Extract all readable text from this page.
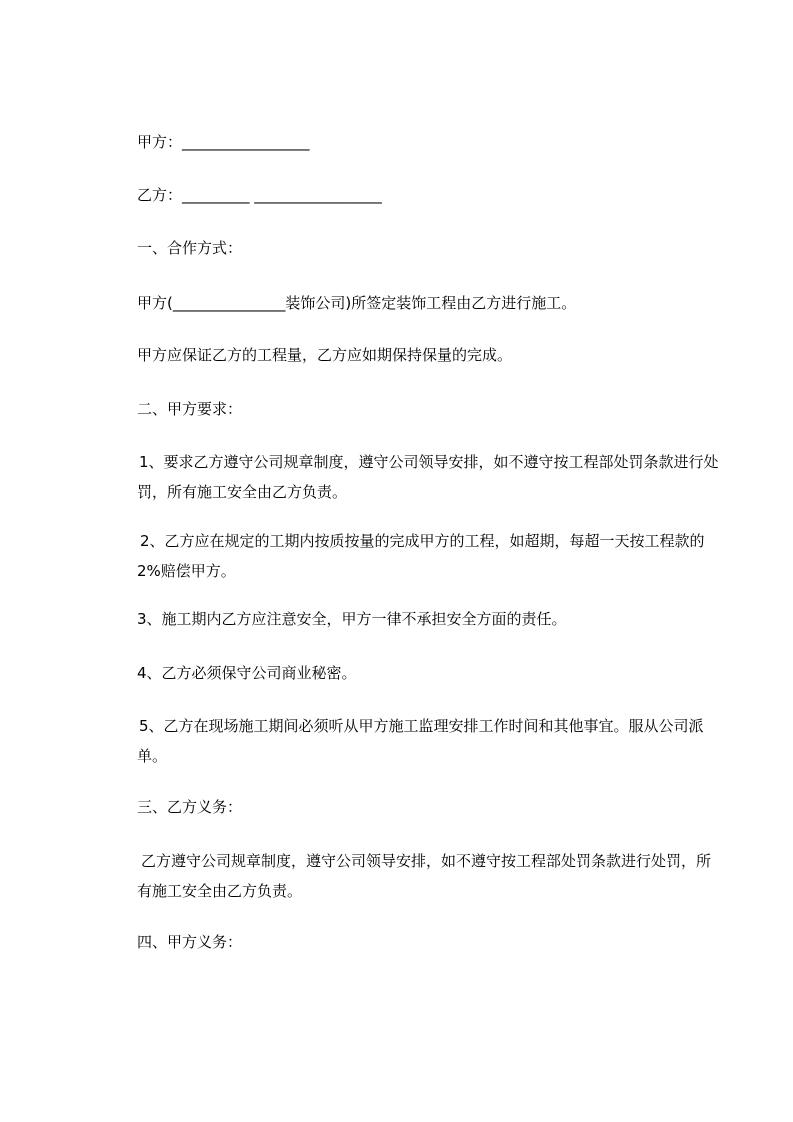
甲方：_________________
乙方：_________ _________________
一、合作方式：
甲方(_______________装饰公司)所签定装饰工程由乙方进行施工。
甲方应保证乙方的工程量，乙方应如期保持保量的完成。
二、甲方要求：
1、要求乙方遵守公司规章制度，遵守公司领导安排，如不遵守按工程部处罚条款进行处罚，所有施工安全由乙方负责。
2、乙方应在规定的工期内按质按量的完成甲方的工程，如超期，每超一天按工程款的 2%赔偿甲方。
3、施工期内乙方应注意安全，甲方一律不承担安全方面的责任。
4、乙方必须保守公司商业秘密。
5、乙方在现场施工期间必须听从甲方施工监理安排工作时间和其他事宜。服从公司派单。
三、乙方义务：
乙方遵守公司规章制度，遵守公司领导安排，如不遵守按工程部处罚条款进行处罚，所有施工安全由乙方负责。
四、甲方义务：
